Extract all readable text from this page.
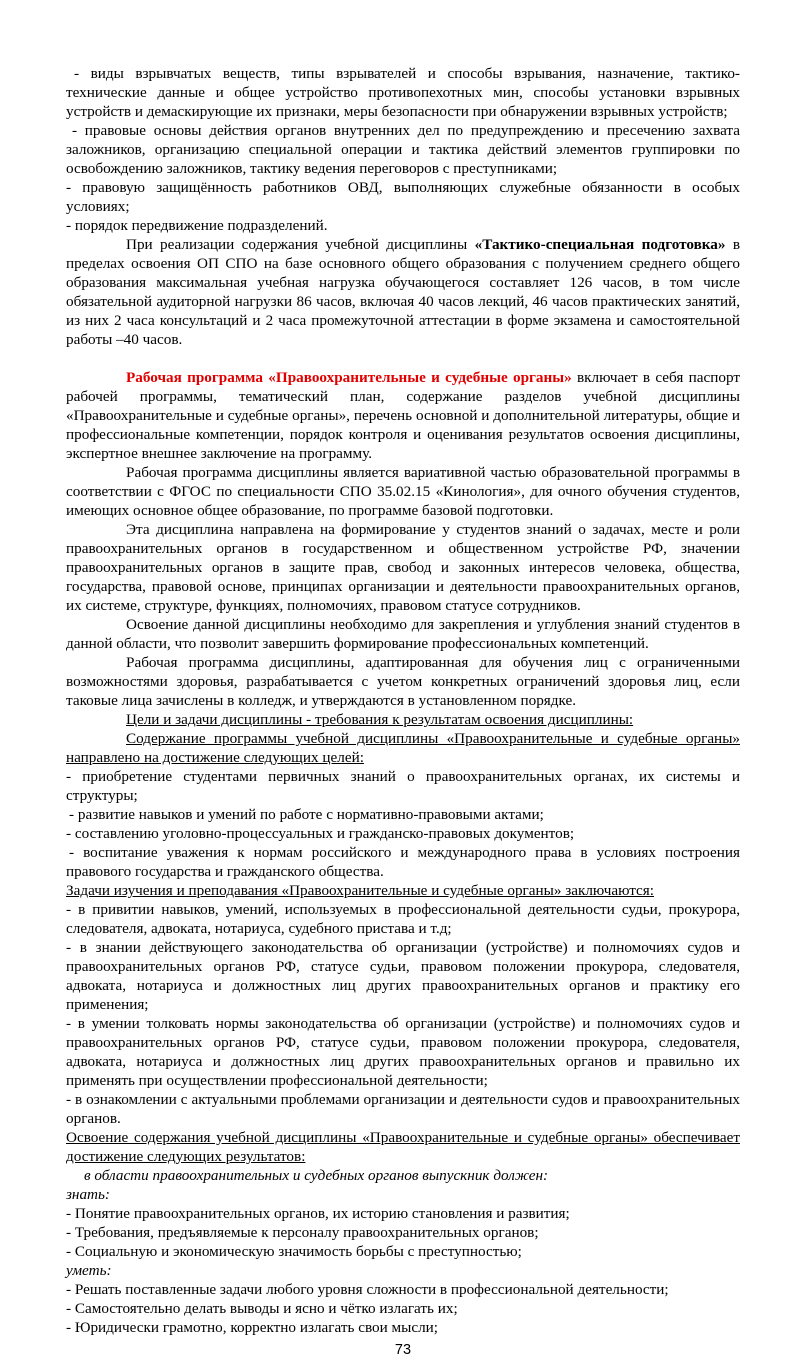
- виды взрывчатых веществ, типы взрывателей и способы взрывания, назначение, тактико-технические данные и общее устройство противопехотных мин, способы установки взрывных устройств и демаскирующие их признаки, меры безопасности при обнаружении взрывных устройств;

- правовые основы действия органов внутренних дел по предупреждению и пресечению захвата заложников, организацию специальной операции и тактика действий элементов группировки по освобождению заложников, тактику ведения переговоров с преступниками;

- правовую защищённость работников ОВД, выполняющих служебные обязанности в особых условиях;

- порядок передвижение подразделений.

При реализации содержания учебной дисциплины «Тактико-специальная подготовка» в пределах освоения ОП СПО на базе основного общего образования с получением среднего общего образования максимальная учебная нагрузка обучающегося составляет 126 часов, в том числе обязательной аудиторной нагрузки 86 часов, включая 40 часов лекций, 46 часов практических занятий, из них 2 часа консультаций и 2 часа промежуточной аттестации в форме экзамена и самостоятельной работы –40 часов.

Рабочая программа «Правоохранительные и судебные органы» включает в себя паспорт рабочей программы, тематический план, содержание разделов учебной дисциплины «Правоохранительные и судебные органы», перечень основной и дополнительной литературы, общие и профессиональные компетенции, порядок контроля и оценивания результатов освоения дисциплины, экспертное внешнее заключение на программу.

Рабочая программа дисциплины является вариативной частью образовательной программы в соответствии с ФГОС по специальности СПО 35.02.15 «Кинология», для очного обучения студентов, имеющих основное общее образование, по программе базовой подготовки.

Эта дисциплина направлена на формирование у студентов знаний о задачах, месте и роли правоохранительных органов в государственном и общественном устройстве РФ, значении правоохранительных органов в защите прав, свобод и законных интересов человека, общества, государства, правовой основе, принципах организации и деятельности правоохранительных органов, их системе, структуре, функциях, полномочиях, правовом статусе сотрудников.

Освоение данной дисциплины необходимо для закрепления и углубления знаний студентов в данной области, что позволит завершить формирование профессиональных компетенций.

Рабочая программа дисциплины, адаптированная для обучения лиц с ограниченными возможностями здоровья, разрабатывается с учетом конкретных ограничений здоровья лиц, если таковые лица зачислены в колледж, и утверждаются в установленном порядке.

Цели и задачи дисциплины - требования к результатам освоения дисциплины:

Содержание программы учебной дисциплины «Правоохранительные и судебные органы» направлено на достижение следующих целей:

- приобретение студентами первичных знаний о правоохранительных органах, их системы и структуры;

- развитие навыков и умений по работе с нормативно-правовыми актами;

- составлению уголовно-процессуальных и гражданско-правовых документов;

- воспитание уважения к нормам российского и международного права в условиях построения правового государства и гражданского общества.

Задачи изучения и преподавания «Правоохранительные и судебные органы» заключаются:

- в привитии навыков, умений, используемых в профессиональной деятельности судьи, прокурора, следователя, адвоката, нотариуса, судебного пристава и т.д;

- в знании действующего законодательства об организации (устройстве) и полномочиях судов и правоохранительных органов РФ, статусе судьи, правовом положении прокурора, следователя, адвоката, нотариуса и должностных лиц других правоохранительных органов и практику его применения;

- в умении толковать нормы законодательства об организации (устройстве) и полномочиях судов и правоохранительных органов РФ, статусе судьи, правовом положении прокурора, следователя, адвоката, нотариуса и должностных лиц других правоохранительных органов и правильно их применять при осуществлении профессиональной деятельности;

- в ознакомлении с актуальными проблемами организации и деятельности судов и правоохранительных органов.

Освоение содержания учебной дисциплины «Правоохранительные и судебные органы» обеспечивает достижение следующих результатов:

в области правоохранительных и судебных органов выпускник должен:

знать:

- Понятие правоохранительных органов, их историю становления и развития;

- Требования, предъявляемые к персоналу правоохранительных органов;

- Социальную и экономическую значимость борьбы с преступностью;

уметь:

- Решать поставленные задачи любого уровня сложности в профессиональной деятельности;

- Самостоятельно делать выводы и ясно и чётко излагать их;

- Юридически грамотно, корректно излагать свои мысли;

73
